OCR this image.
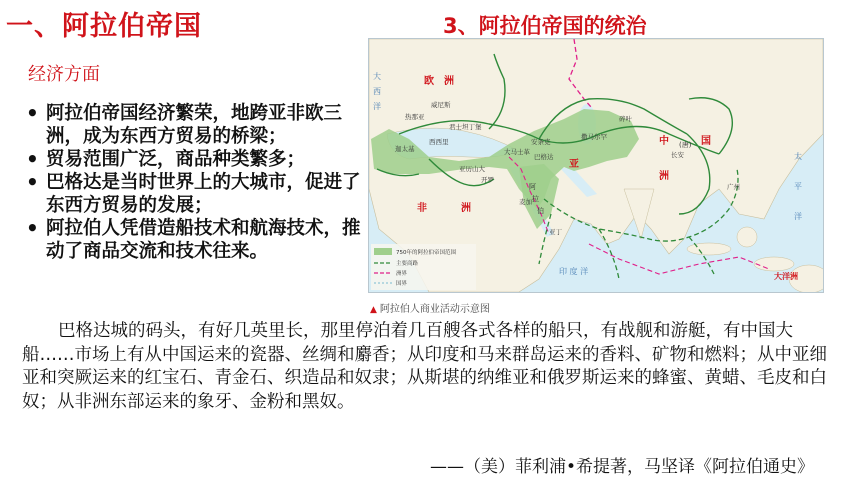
一、阿拉伯帝国	3、阿拉伯帝国的统治
经济方面
• 阿拉伯帝国经济繁荣，地跨亚非欧三洲，成为东西方贸易的桥梁；
• 贸易范围广泛，商品种类繁多；
• 巴格达是当时世界上的大城市，促进了东西方贸易的发展；
• 阿拉伯人凭借造船技术和航海技术，推动了商品交流和技术往来。	750年的阿拉伯帝国范围
主要商路
洲界
国界
威尼斯
热那亚
君士坦丁堡
巴格达
大马士革
亚历山大
开罗
麦加
亚丁
撒马尔罕
碎叶
长安
广州
安条克
西西里
迦太基
欧 洲
亚
洲
非	洲
中	国
大洋洲
(唐)
阿
拉
伯
印 度 洋
太
平
洋
大
西
洋
▲ 阿拉伯人商业活动示意图

巴格达城的码头，有好几英里长，那里停泊着几百艘各式各样的船只，有战舰和游艇，有中国大船……市场上有从中国运来的瓷器、丝绸和麝香；从印度和马来群岛运来的香料、矿物和燃料；从中亚细亚和突厥运来的红宝石、青金石、织造品和奴隶；从斯堪的纳维亚和俄罗斯运来的蜂蜜、黄蜡、毛皮和白奴；从非洲东部运来的象牙、金粉和黑奴。

——（美）菲利浦•希提著，马坚译《阿拉伯通史》
